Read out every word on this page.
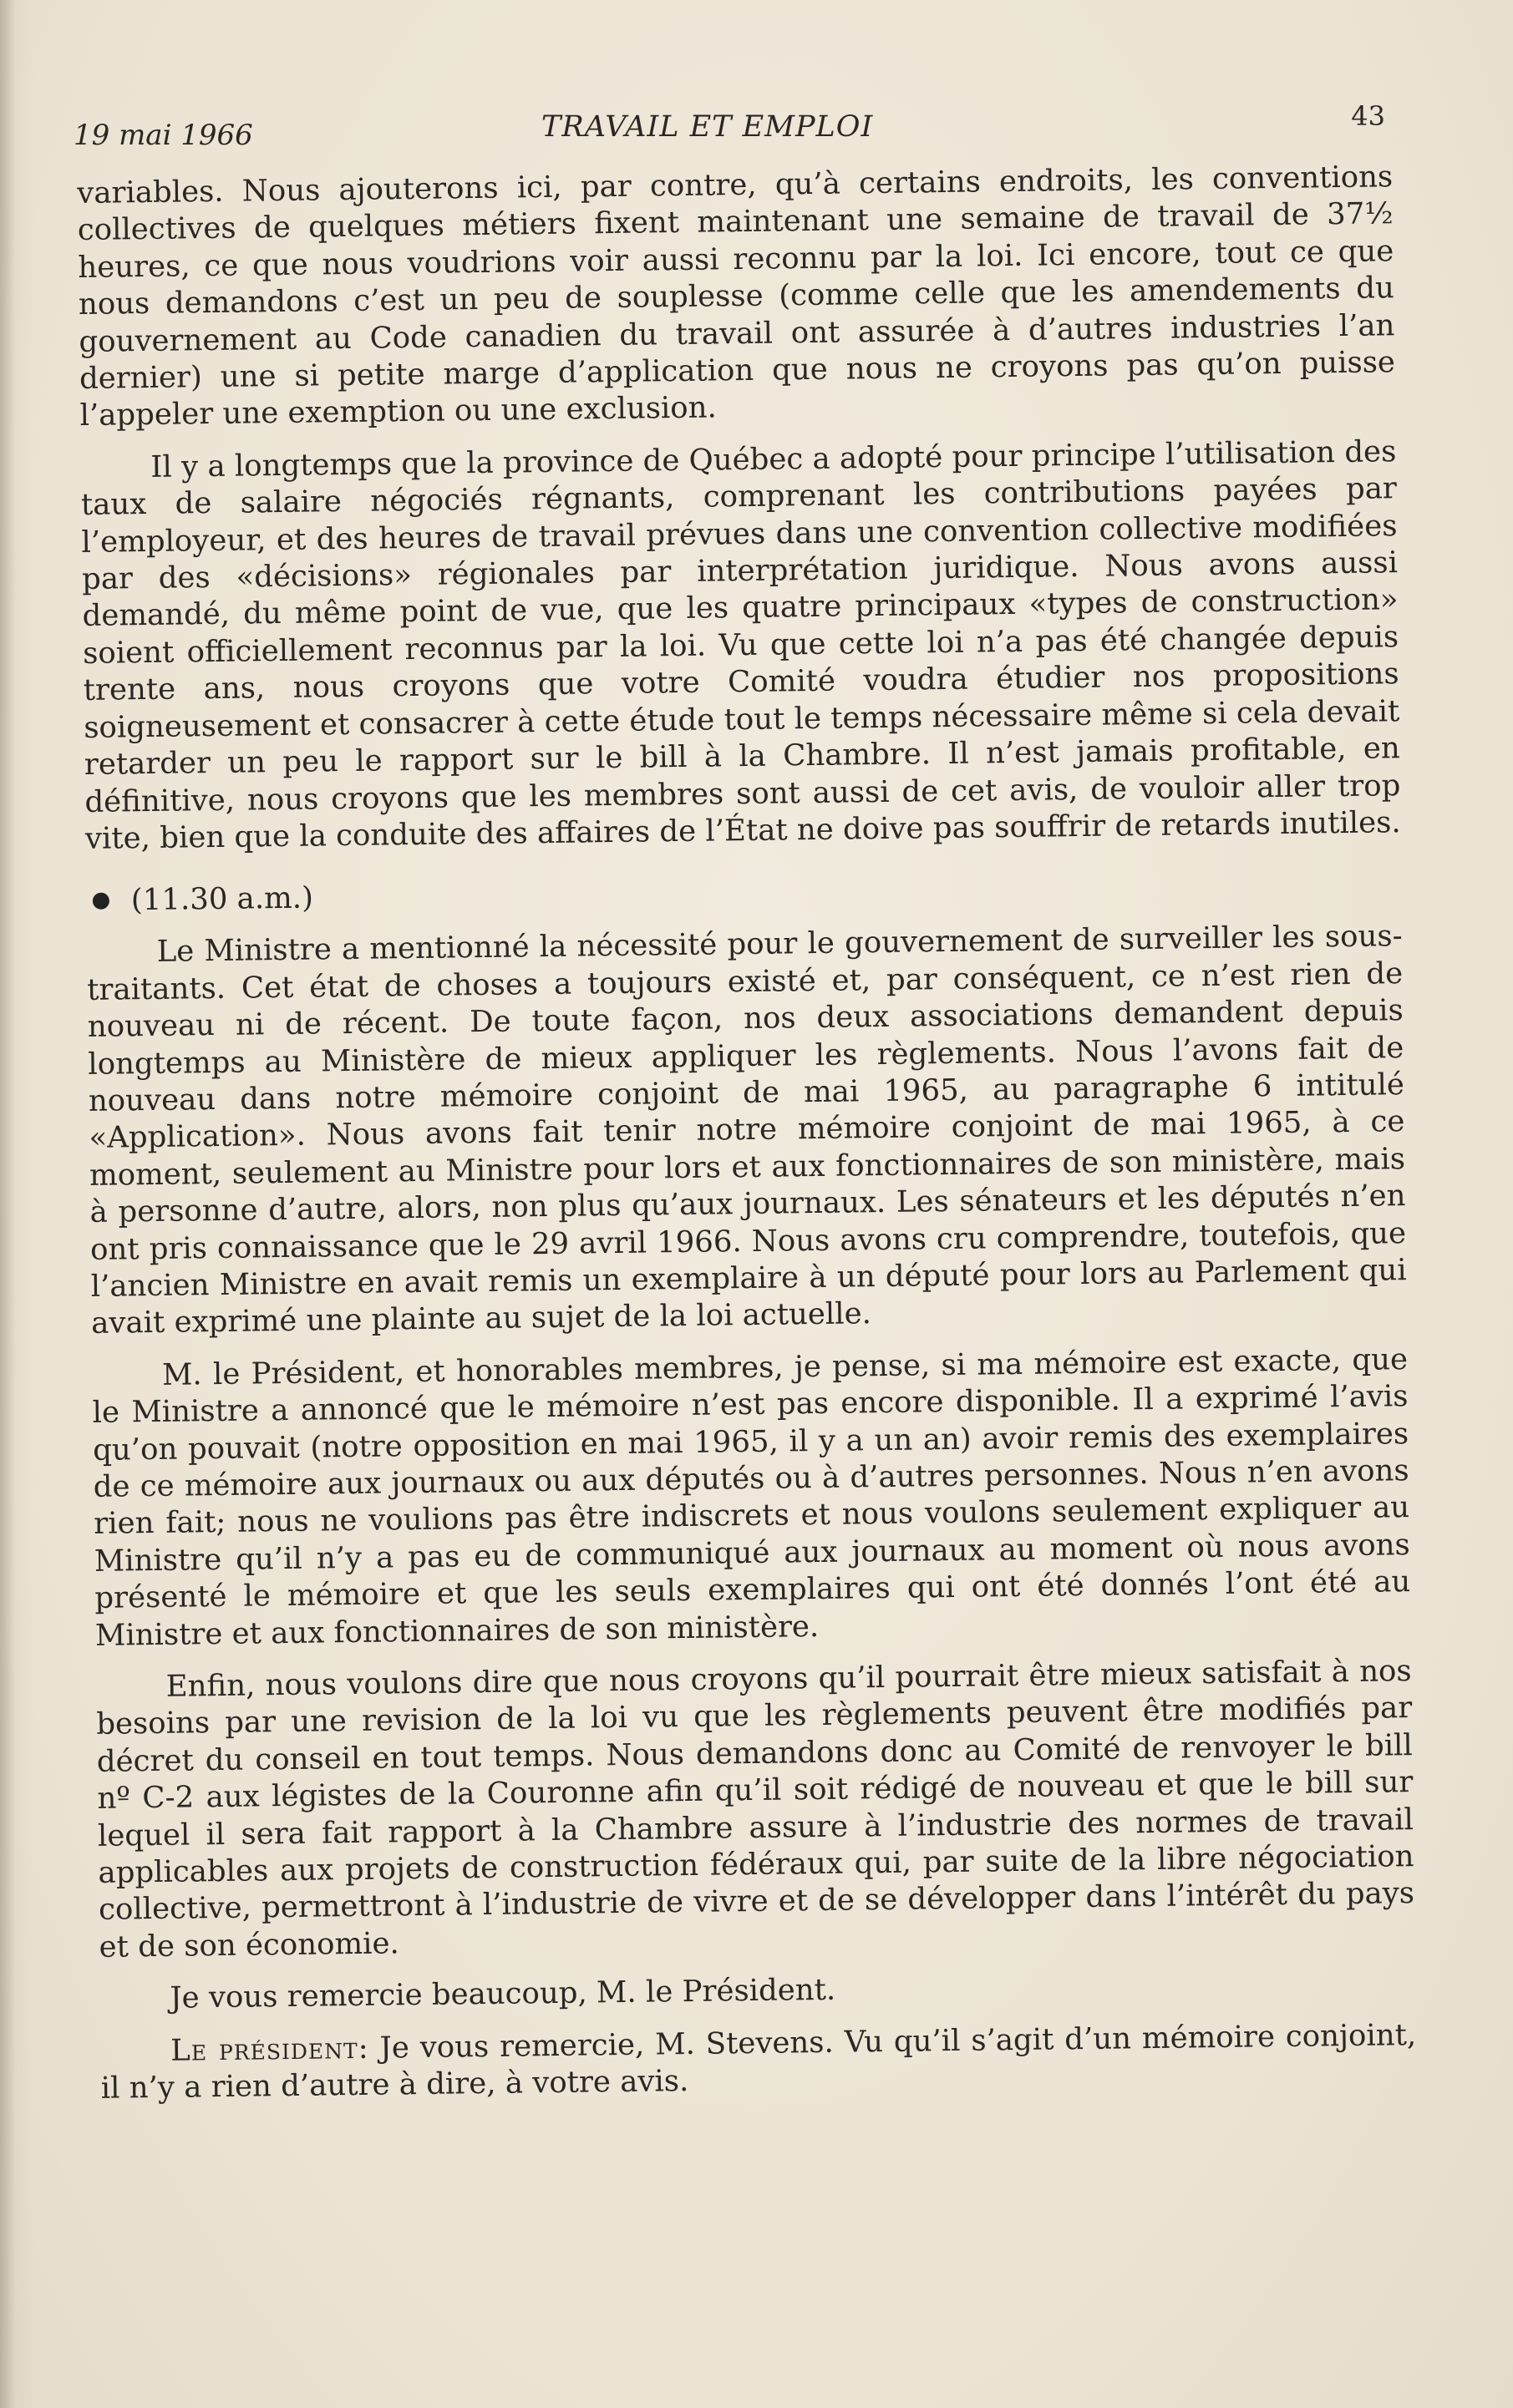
19 mai 1966	TRAVAIL ET EMPLOI	43

variables. Nous ajouterons ici, par contre, qu’à certains endroits, les conventions collectives de quelques métiers fixent maintenant une semaine de travail de 37½ heures, ce que nous voudrions voir aussi reconnu par la loi. Ici encore, tout ce que nous demandons c’est un peu de souplesse (comme celle que les amendements du gouvernement au Code canadien du travail ont assurée à d’autres industries l’an dernier) une si petite marge d’application que nous ne croyons pas qu’on puisse l’appeler une exemption ou une exclusion.

Il y a longtemps que la province de Québec a adopté pour principe l’utilisation des taux de salaire négociés régnants, comprenant les contributions payées par l’employeur, et des heures de travail prévues dans une convention collective modifiées par des «décisions» régionales par interprétation juridique. Nous avons aussi demandé, du même point de vue, que les quatre principaux «types de construction» soient officiellement reconnus par la loi. Vu que cette loi n’a pas été changée depuis trente ans, nous croyons que votre Comité voudra étudier nos propositions soigneusement et consacrer à cette étude tout le temps nécessaire même si cela devait retarder un peu le rapport sur le bill à la Chambre. Il n’est jamais profitable, en définitive, nous croyons que les membres sont aussi de cet avis, de vouloir aller trop vite, bien que la conduite des affaires de l’État ne doive pas souffrir de retards inutiles.

(11.30 a.m.)

Le Ministre a mentionné la nécessité pour le gouvernement de surveiller les sous-traitants. Cet état de choses a toujours existé et, par conséquent, ce n’est rien de nouveau ni de récent. De toute façon, nos deux associations demandent depuis longtemps au Ministère de mieux appliquer les règlements. Nous l’avons fait de nouveau dans notre mémoire conjoint de mai 1965, au paragraphe 6 intitulé «Application». Nous avons fait tenir notre mémoire conjoint de mai 1965, à ce moment, seulement au Ministre pour lors et aux fonctionnaires de son ministère, mais à personne d’autre, alors, non plus qu’aux journaux. Les sénateurs et les députés n’en ont pris connaissance que le 29 avril 1966. Nous avons cru comprendre, toutefois, que l’ancien Ministre en avait remis un exemplaire à un député pour lors au Parlement qui avait exprimé une plainte au sujet de la loi actuelle.

M. le Président, et honorables membres, je pense, si ma mémoire est exacte, que le Ministre a annoncé que le mémoire n’est pas encore disponible. Il a exprimé l’avis qu’on pouvait (notre opposition en mai 1965, il y a un an) avoir remis des exemplaires de ce mémoire aux journaux ou aux députés ou à d’autres personnes. Nous n’en avons rien fait; nous ne voulions pas être indiscrets et nous voulons seulement expliquer au Ministre qu’il n’y a pas eu de communiqué aux journaux au moment où nous avons présenté le mémoire et que les seuls exemplaires qui ont été donnés l’ont été au Ministre et aux fonctionnaires de son ministère.

Enfin, nous voulons dire que nous croyons qu’il pourrait être mieux satisfait à nos besoins par une revision de la loi vu que les règlements peuvent être modifiés par décret du conseil en tout temps. Nous demandons donc au Comité de renvoyer le bill nº C-2 aux légistes de la Couronne afin qu’il soit rédigé de nouveau et que le bill sur lequel il sera fait rapport à la Chambre assure à l’industrie des normes de travail applicables aux projets de construction fédéraux qui, par suite de la libre négociation collective, permettront à l’industrie de vivre et de se développer dans l’intérêt du pays et de son économie.

Je vous remercie beaucoup, M. le Président.

Le président: Je vous remercie, M. Stevens. Vu qu’il s’agit d’un mémoire conjoint, il n’y a rien d’autre à dire, à votre avis.
